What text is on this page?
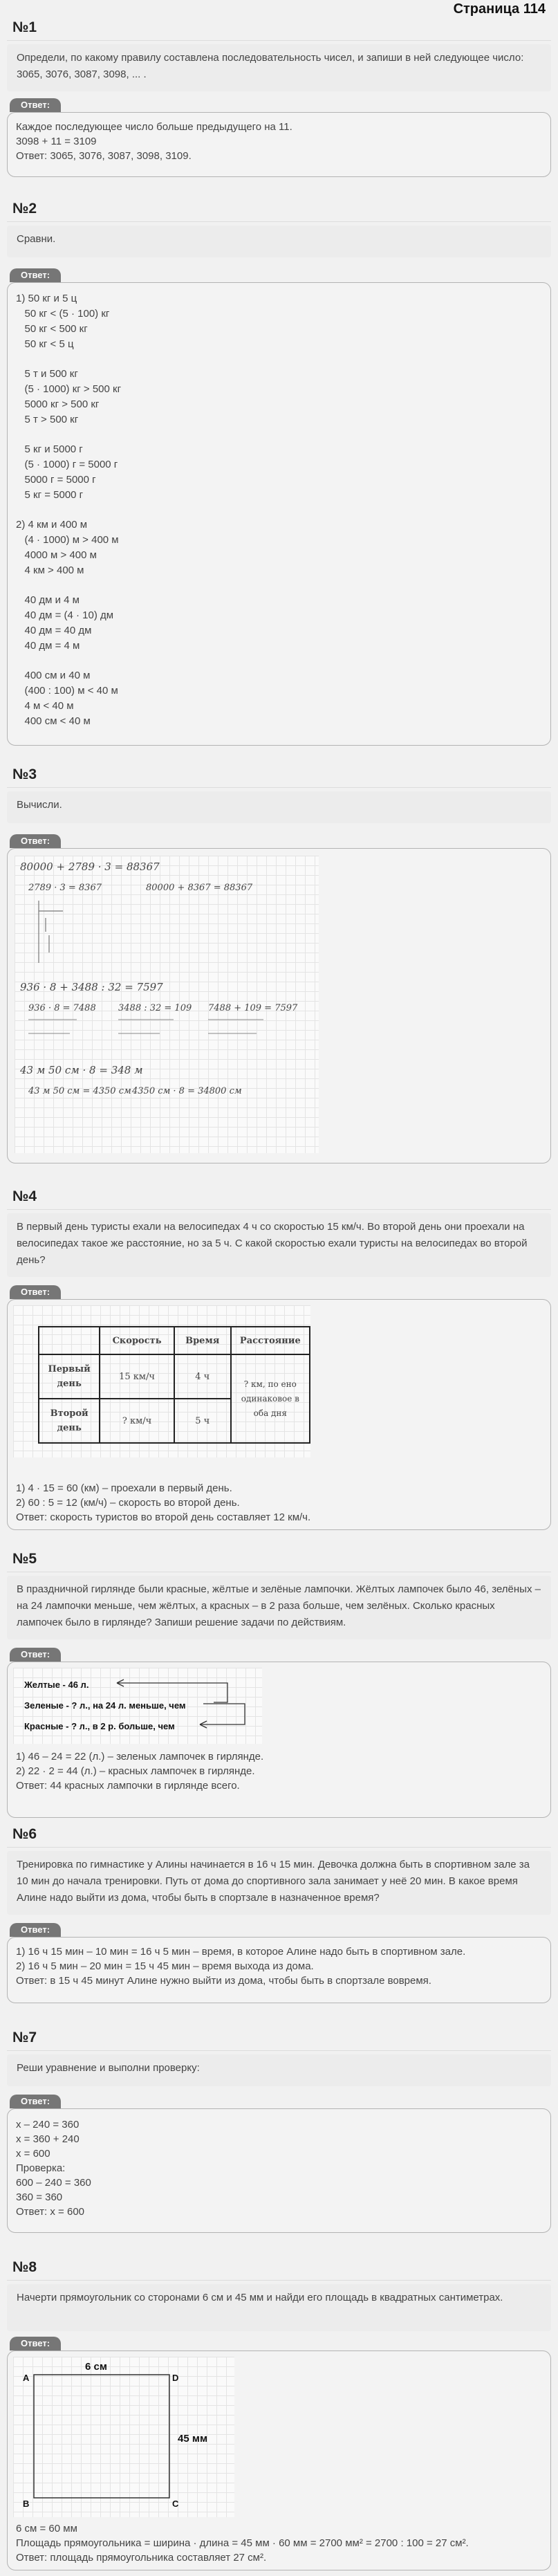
Страница 114
№1
Определи, по какому правилу составлена последовательность чисел, и запиши в ней следующее число: 3065, 3076, 3087, 3098, ... .
Ответ:
Каждое последующее число больше предыдущего на 11.
3098 + 11 = 3109
Ответ: 3065, 3076, 3087, 3098, 3109.
№2
Сравни.
Ответ:
1) 50 кг и 5 ц
50 кг < (5 · 100) кг
50 кг < 500 кг
50 кг < 5 ц
5 т и 500 кг
(5 · 1000) кг > 500 кг
5000 кг > 500 кг
5 т > 500 кг
5 кг и 5000 г
(5 · 1000) г = 5000 г
5000 г = 5000 г
5 кг = 5000 г
2) 4 км и 400 м
(4 · 1000) м > 400 м
4000 м > 400 м
4 км > 400 м
40 дм и 4 м
40 дм = (4 · 10) дм
40 дм = 40 дм
40 дм = 4 м
400 см и 40 м
(400 : 100) м < 40 м
4 м < 40 м
400 см < 40 м
№3
Вычисли.
Ответ:
80000 + 2789 · 3 = 88367
2789 · 3 = 8367	80000 + 8367 = 88367
936 · 8 + 3488 : 32 = 7597
936 · 8 = 7488 3488 : 32 = 109 7488 + 109 = 7597
43 м 50 см · 8 = 348 м
43 м 50 см = 4350 см 4350 см · 8 = 34800 см
№4
В первый день туристы ехали на велосипедах 4 ч со скоростью 15 км/ч. Во второй день они проехали на велосипедах такое же расстояние, но за 5 ч. С какой скоростью ехали туристы на велосипедах во второй день?
Ответ:
	Скорость	Время	Расстояние
Первый день	15 км/ч	4 ч	? км, по ено одинаковое в оба дня
Второй день	? км/ч	5 ч	
1) 4 · 15 = 60 (км) – проехали в первый день.
2) 60 : 5 = 12 (км/ч) – скорость во второй день.
Ответ: скорость туристов во второй день составляет 12 км/ч.
№5
В праздничной гирлянде были красные, жёлтые и зелёные лампочки. Жёлтых лампочек было 46, зелёных – на 24 лампочки меньше, чем жёлтых, а красных – в 2 раза больше, чем зелёных. Сколько красных лампочек было в гирлянде? Запиши решение задачи по действиям.
Ответ:
Желтые - 46 л.
Зеленые - ? л., на 24 л. меньше, чем
Красные - ? л., в 2 р. больше, чем
1) 46 – 24 = 22 (л.) – зеленых лампочек в гирлянде.
2) 22 · 2 = 44 (л.) – красных лампочек в гирлянде.
Ответ: 44 красных лампочки в гирлянде всего.
№6
Тренировка по гимнастике у Алины начинается в 16 ч 15 мин. Девочка должна быть в спортивном зале за 10 мин до начала тренировки. Путь от дома до спортивного зала занимает у неё 20 мин. В какое время Алине надо выйти из дома, чтобы быть в спортзале в назначенное время?
Ответ:
1) 16 ч 15 мин – 10 мин = 16 ч 5 мин – время, в которое Алине надо быть в спортивном зале.
2) 16 ч 5 мин – 20 мин = 15 ч 45 мин – время выхода из дома.
Ответ: в 15 ч 45 минут Алине нужно выйти из дома, чтобы быть в спортзале вовремя.
№7
Реши уравнение и выполни проверку:
Ответ:
x – 240 = 360
x = 360 + 240
x = 600
Проверка:
600 – 240 = 360
360 = 360
Ответ: x = 600
№8
Начерти прямоугольник со сторонами 6 см и 45 мм и найди его площадь в квадратных сантиметрах.
Ответ:
6 см
45 мм
A	D
B	C
6 см = 60 мм
Площадь прямоугольника = ширина · длина = 45 мм · 60 мм = 2700 мм² = 2700 : 100 = 27 см².
Ответ: площадь прямоугольника составляет 27 см².
